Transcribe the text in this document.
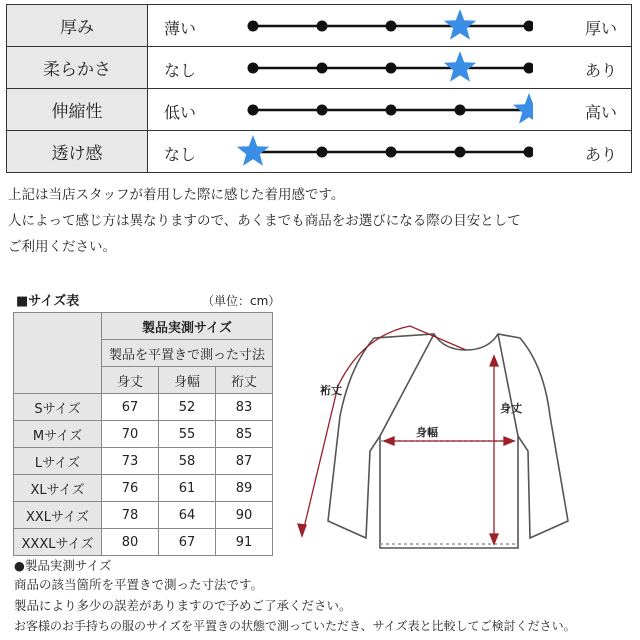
厚み	薄い 厚い

柔らかさ	なし あり

伸縮性	低い 高い

透け感	なし あり
上記は当店スタッフが着用した際に感じた着用感です。
人によって感じ方は異なりますので、あくまでも商品をお選びになる際の目安として
ご利用ください。
■サイズ表	（単位：cm）
	製品実測サイズ		
	製品を平置きで測った寸法		
	身丈	身幅	裄丈
Sサイズ	67	52	83
Mサイズ	70	55	85
Lサイズ	73	58	87
XLサイズ	76	61	89
XXLサイズ	78	64	90
XXXLサイズ	80	67	91
裄丈
身幅
身丈
●製品実測サイズ
商品の該当箇所を平置きで測った寸法です。
製品により多少の誤差がありますので予めご了承ください。
お客様のお手持ちの服のサイズを平置きの状態で測っていただき、サイズ表と比較してご検討ください。
